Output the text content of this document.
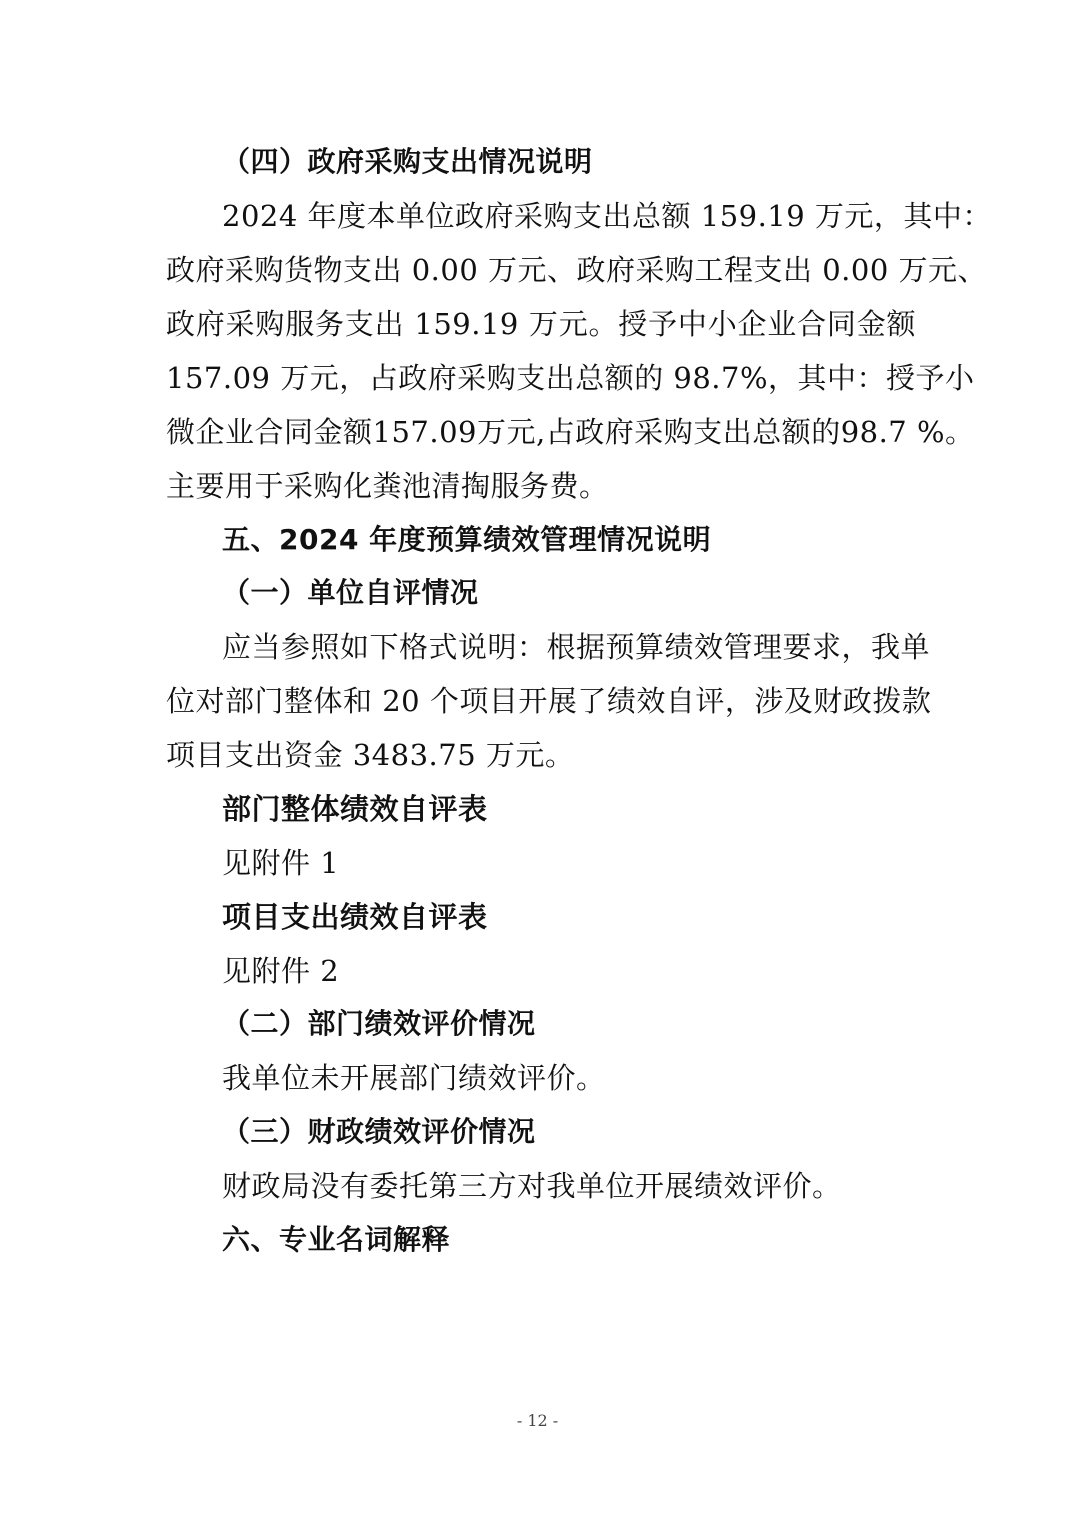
（四）政府采购支出情况说明
2024 年度本单位政府采购支出总额 159.19 万元，其中：
政府采购货物支出 0.00 万元、政府采购工程支出 0.00 万元、
政府采购服务支出 159.19 万元。授予中小企业合同金额
157.09 万元，占政府采购支出总额的 98.7%，其中：授予小
微企业合同金额157.09万元,占政府采购支出总额的98.7 %。
主要用于采购化粪池清掏服务费。
五、2024 年度预算绩效管理情况说明
（一）单位自评情况
应当参照如下格式说明：根据预算绩效管理要求，我单
位对部门整体和 20 个项目开展了绩效自评，涉及财政拨款
项目支出资金 3483.75 万元。
部门整体绩效自评表
见附件 1
项目支出绩效自评表
见附件 2
（二）部门绩效评价情况
我单位未开展部门绩效评价。
（三）财政绩效评价情况
财政局没有委托第三方对我单位开展绩效评价。
六、专业名词解释
- 12 -
